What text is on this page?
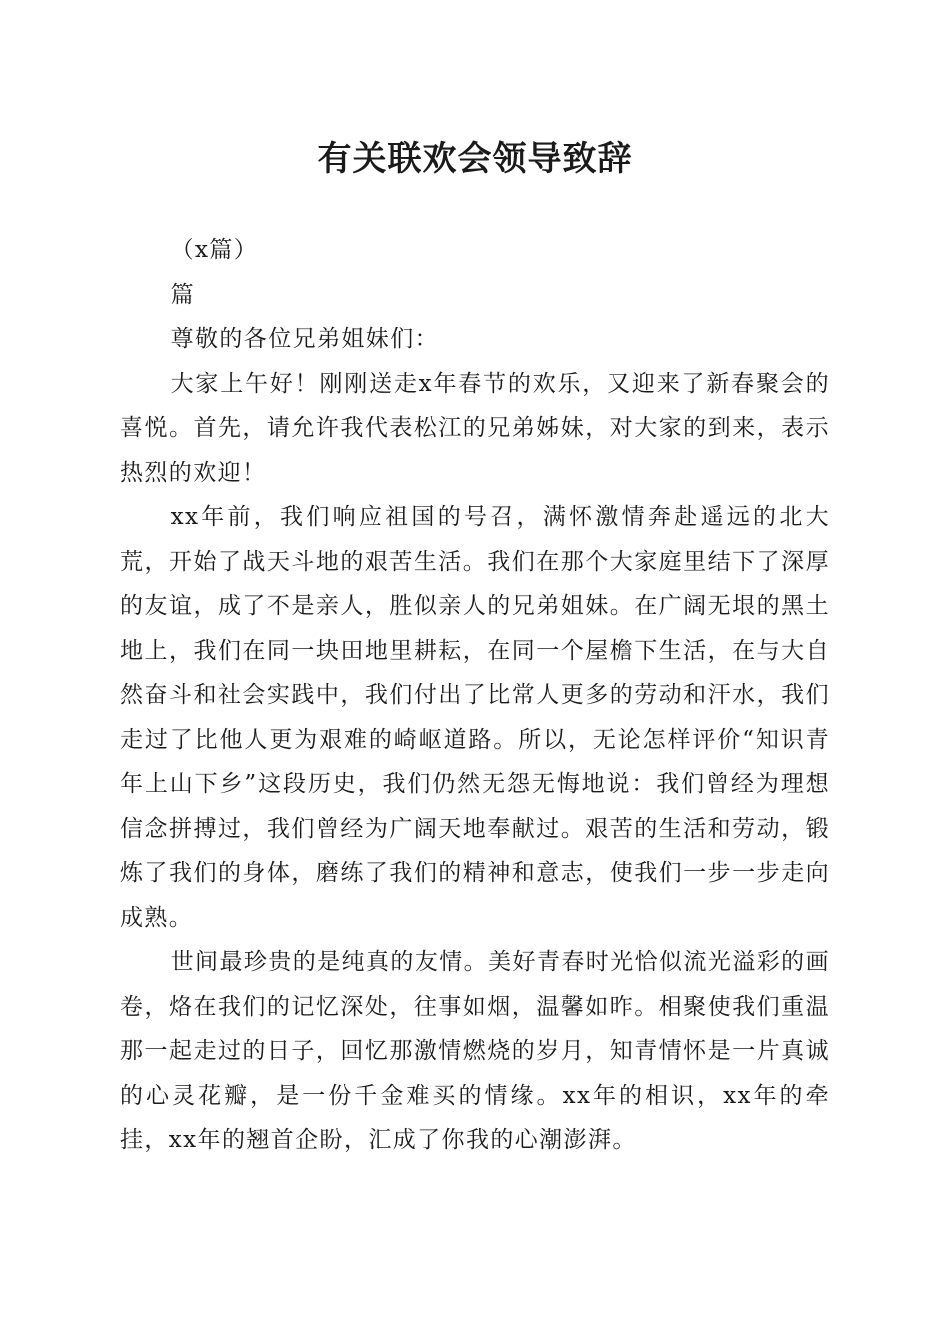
有关联欢会领导致辞

（x篇）

篇

尊敬的各位兄弟姐妹们：

大家上午好！刚刚送走x年春节的欢乐，又迎来了新春聚会的喜悦。首先，请允许我代表松江的兄弟姊妹，对大家的到来，表示热烈的欢迎！

xx年前，我们响应祖国的号召，满怀激情奔赴遥远的北大荒，开始了战天斗地的艰苦生活。我们在那个大家庭里结下了深厚的友谊，成了不是亲人，胜似亲人的兄弟姐妹。在广阔无垠的黑土地上，我们在同一块田地里耕耘，在同一个屋檐下生活，在与大自然奋斗和社会实践中，我们付出了比常人更多的劳动和汗水，我们走过了比他人更为艰难的崎岖道路。所以，无论怎样评价“知识青年上山下乡”这段历史，我们仍然无怨无悔地说：我们曾经为理想信念拼搏过，我们曾经为广阔天地奉献过。艰苦的生活和劳动，锻炼了我们的身体，磨练了我们的精神和意志，使我们一步一步走向成熟。

世间最珍贵的是纯真的友情。美好青春时光恰似流光溢彩的画卷，烙在我们的记忆深处，往事如烟，温馨如昨。相聚使我们重温那一起走过的日子，回忆那激情燃烧的岁月，知青情怀是一片真诚的心灵花瓣，是一份千金难买的情缘。xx年的相识，xx年的牵挂，xx年的翘首企盼，汇成了你我的心潮澎湃。
